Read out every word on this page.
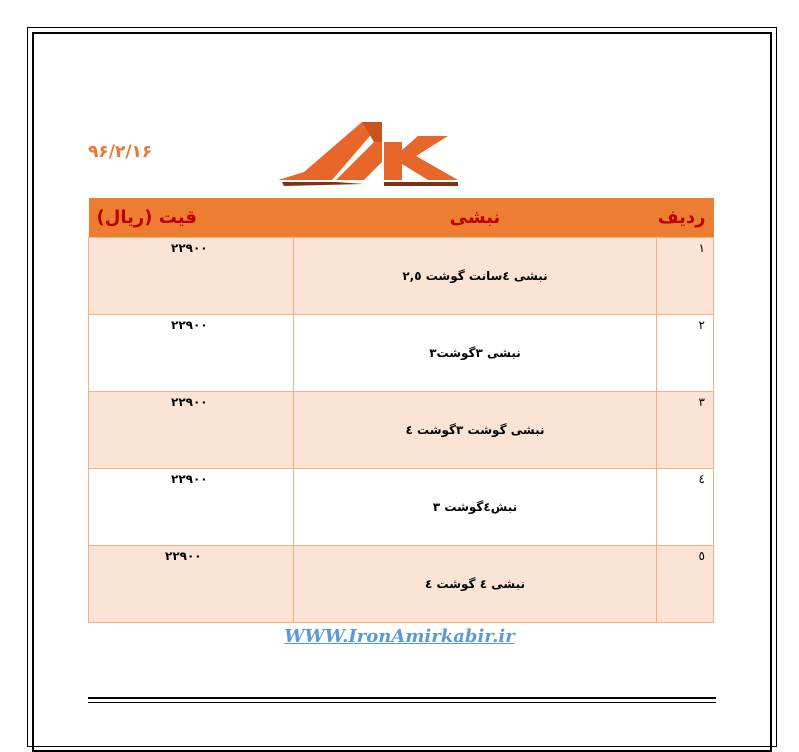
۹۶/۲/۱۶
ردیف	نبشی	قیت (ریال)
۱	نبشی ٤سانت گوشت ۲,٥	۲۲۹۰۰
۲	نبشی ۳گوشت۳	۲۲۹۰۰
۳	نبشی گوشت ۳گوشت ٤	۲۲۹۰۰
٤	نبش٤گوشت ۳	۲۲۹۰۰
٥	نبشی ٤ گوشت ٤	۲۲۹۰۰
WWW.IronAmirkabir.ir
